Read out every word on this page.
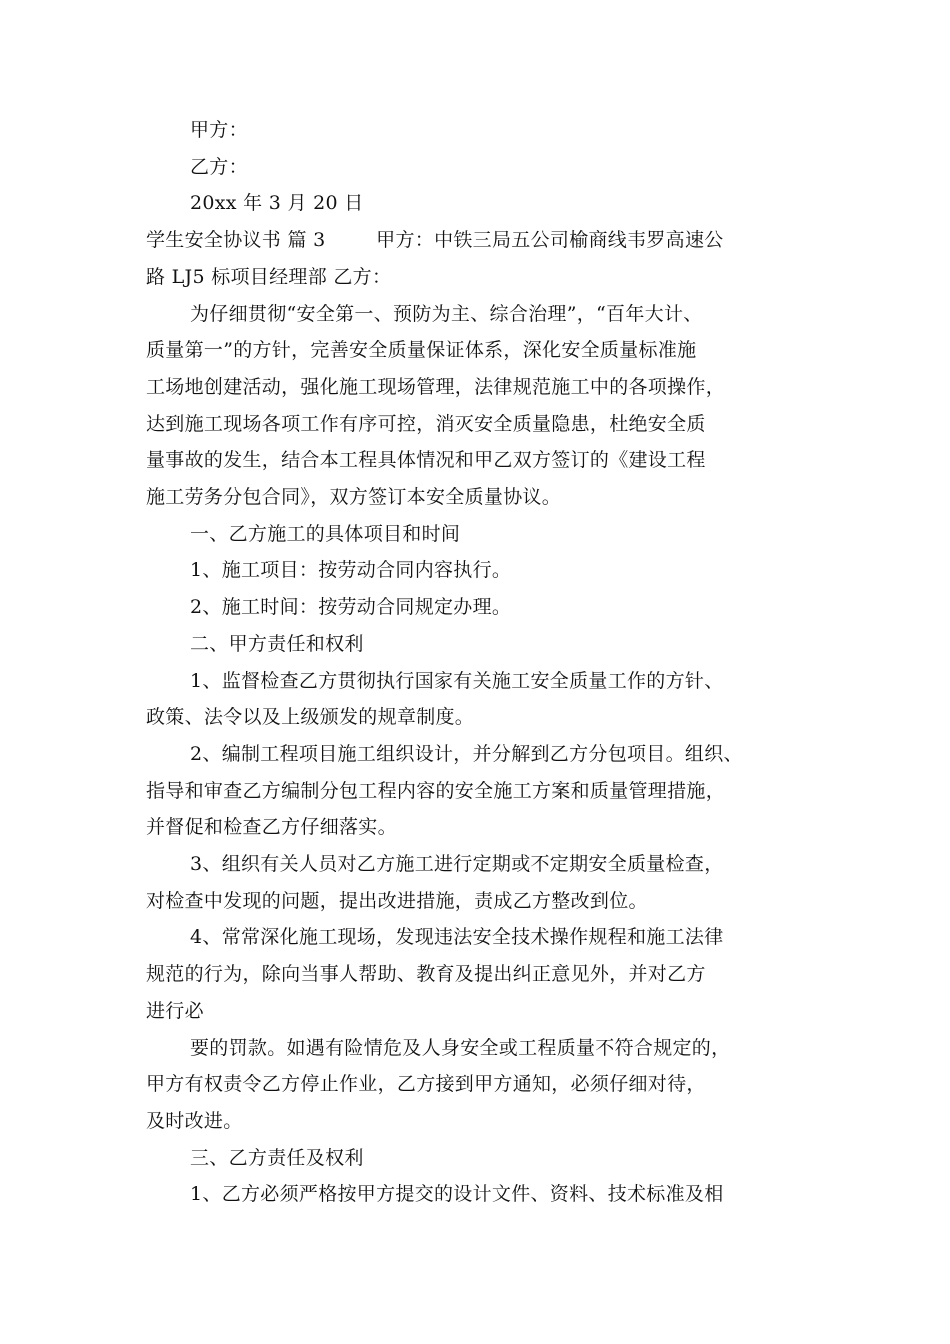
甲方：
乙方：
20xx 年 3 月 20 日
学生安全协议书 篇 3        甲方：中铁三局五公司榆商线韦罗高速公
路 LJ5 标项目经理部 乙方：
为仔细贯彻“安全第一、预防为主、综合治理”，“百年大计、
质量第一”的方针，完善安全质量保证体系，深化安全质量标准施
工场地创建活动，强化施工现场管理，法律规范施工中的各项操作，
达到施工现场各项工作有序可控，消灭安全质量隐患，杜绝安全质
量事故的发生，结合本工程具体情况和甲乙双方签订的《建设工程
施工劳务分包合同》，双方签订本安全质量协议。
一、乙方施工的具体项目和时间
1、施工项目：按劳动合同内容执行。
2、施工时间：按劳动合同规定办理。
二、甲方责任和权利
1、监督检查乙方贯彻执行国家有关施工安全质量工作的方针、
政策、法令以及上级颁发的规章制度。
2、编制工程项目施工组织设计，并分解到乙方分包项目。组织、
指导和审查乙方编制分包工程内容的安全施工方案和质量管理措施，
并督促和检查乙方仔细落实。
3、组织有关人员对乙方施工进行定期或不定期安全质量检查，
对检查中发现的问题，提出改进措施，责成乙方整改到位。
4、常常深化施工现场，发现违法安全技术操作规程和施工法律
规范的行为，除向当事人帮助、教育及提出纠正意见外，并对乙方
进行必
要的罚款。如遇有险情危及人身安全或工程质量不符合规定的，
甲方有权责令乙方停止作业，乙方接到甲方通知，必须仔细对待，
及时改进。
三、乙方责任及权利
1、乙方必须严格按甲方提交的设计文件、资料、技术标准及相
